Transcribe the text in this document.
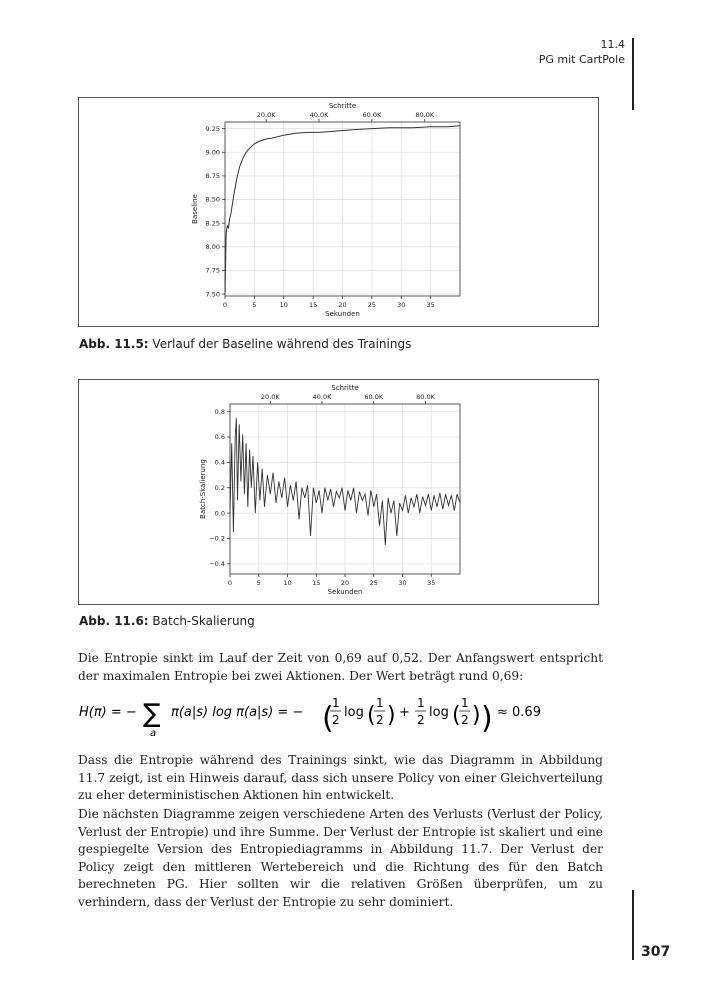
11.4
PG mit CartPole
0	5	10	15	20	25	30	35
7.50
7.75
8.00
8.25
8.50
8.75
9.00
9.25
20.0K	40.0K	60.0K	80.0K
Schritte
Sekunden
Baseline
Abb. 11.5: Verlauf der Baseline während des Trainings
0	5	10	15	20	25	30	35
−0.4
−0.2
0.0
0.2
0.4
0.6
0.8
20.0K	40.0K	60.0K	80.0K
Schritte
Sekunden
Batch-Skalierung
Abb. 11.6: Batch-Skalierung
Die Entropie sinkt im Lauf der Zeit von 0,69 auf 0,52. Der Anfangswert entspricht der maximalen Entropie bei zwei Aktionen. Der Wert beträgt rund 0,69:
H(π) = − ∑
a
π(a|s) log π(a|s) = − (
1
2 log ( 1
2 ) +
1
2 log ( 1
2 ) ) ≈ 0.69
Dass die Entropie während des Trainings sinkt, wie das Diagramm in Abbildung 11.7 zeigt, ist ein Hinweis darauf, dass sich unsere Policy von einer Gleichverteilung zu eher deterministischen Aktionen hin entwickelt.
Die nächsten Diagramme zeigen verschiedene Arten des Verlusts (Verlust der Policy, Verlust der Entropie) und ihre Summe. Der Verlust der Entropie ist skaliert und eine gespiegelte Version des Entropiediagramms in Abbildung 11.7. Der Verlust der Policy zeigt den mittleren Wertebereich und die Richtung des für den Batch berechneten PG. Hier sollten wir die relativen Größen überprüfen, um zu verhindern, dass der Verlust der Entropie zu sehr dominiert.
307
